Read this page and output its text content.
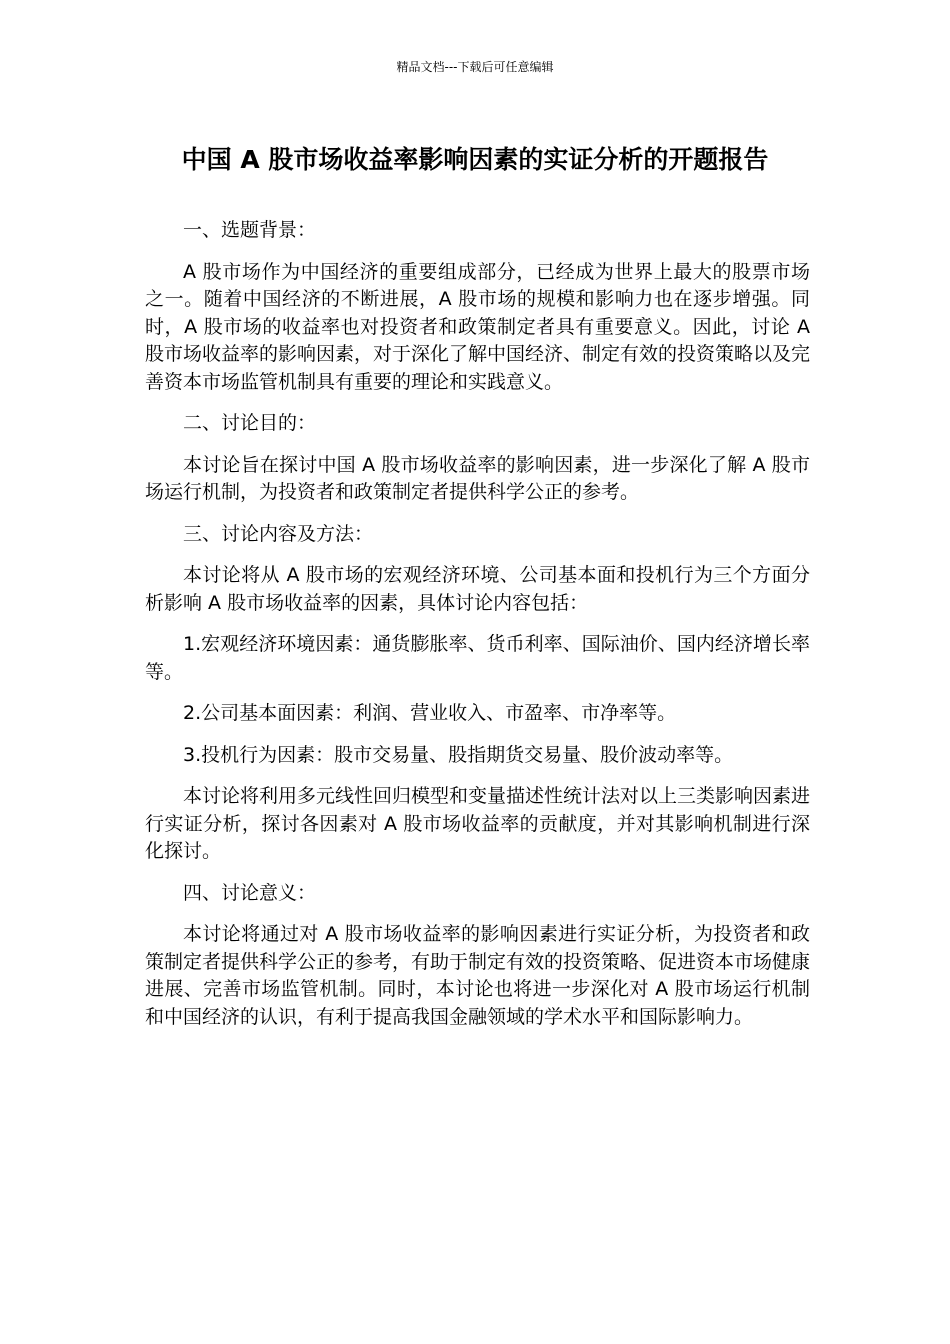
精品文档---下载后可任意编辑
中国 A 股市场收益率影响因素的实证分析的开题报告
一、选题背景：

A 股市场作为中国经济的重要组成部分，已经成为世界上最大的股票市场之一。随着中国经济的不断进展，A 股市场的规模和影响力也在逐步增强。同时，A 股市场的收益率也对投资者和政策制定者具有重要意义。因此，讨论 A 股市场收益率的影响因素，对于深化了解中国经济、制定有效的投资策略以及完善资本市场监管机制具有重要的理论和实践意义。

二、讨论目的：

本讨论旨在探讨中国 A 股市场收益率的影响因素，进一步深化了解 A 股市场运行机制，为投资者和政策制定者提供科学公正的参考。

三、讨论内容及方法：

本讨论将从 A 股市场的宏观经济环境、公司基本面和投机行为三个方面分析影响 A 股市场收益率的因素，具体讨论内容包括：

1.宏观经济环境因素：通货膨胀率、货币利率、国际油价、国内经济增长率等。

2.公司基本面因素：利润、营业收入、市盈率、市净率等。

3.投机行为因素：股市交易量、股指期货交易量、股价波动率等。

本讨论将利用多元线性回归模型和变量描述性统计法对以上三类影响因素进行实证分析，探讨各因素对 A 股市场收益率的贡献度，并对其影响机制进行深化探讨。

四、讨论意义：

本讨论将通过对 A 股市场收益率的影响因素进行实证分析，为投资者和政策制定者提供科学公正的参考，有助于制定有效的投资策略、促进资本市场健康进展、完善市场监管机制。同时，本讨论也将进一步深化对 A 股市场运行机制和中国经济的认识，有利于提高我国金融领域的学术水平和国际影响力。
